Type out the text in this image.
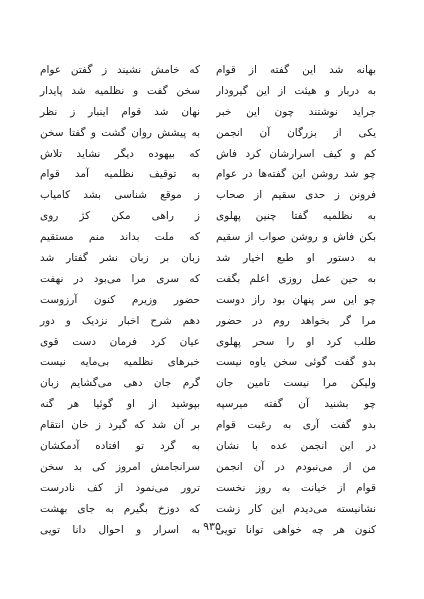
بهانه شد این گفته از قوام
که خامش نشیند ز گفتن عوام
به دربار و هیئت از این گیرودار
سخن گفت و نظلمیه شد پایدار
جراید نوشتند چون این خبر
نهان شد قوام اینبار ز نظر
یکی از بزرگان آن انجمن
به پیشش روان گشت و گفتا سخن
کم و کیف اسرارشان کرد فاش
که بیهوده دیگر نشاید تلاش
چو شد روشن این گفته‌ها در عوام
به توقیف نظلمیه آمد قوام
فرونن ز حدی سقیم از صحاب
ز موقع شناسی بشد کامیاب
به نظلمیه گفتا چنین پهلوی
ز راهی مکن کژ روی
بکن فاش و روشن صواب از سقیم
که ملت بداند منم مستقیم
به دستور او طبع اخیار شد
زبان بر زبان نشر گفتار شد
به حین عمل روزی اعلم بگفت
که سری مرا می‌بود در نهفت
چو این سر پنهان بود راز دوست
حضور وزیرم کنون آرزوست
مرا گر بخواهد روم در حضور
دهم شرح اخبار نزدیک و دور
طلب کرد او را سحر پهلوی
عیان کرد فرمان دست قوی
بدو گفت گوئی سخن یاوه نیست
خبرهای نظلمیه بی‌مایه نیست
ولیکن مرا نیست تامین جان
گرم جان دهی می‌گشایم زبان
چو بشنید آن گفته میرسپه
بپوشید از او گوئیا هر گنه
بدو گفت آری به رغبت قوام
بر آن شد که گیرد ز خان انتقام
در این انجمن عده با نشان
به گرد تو افتاده آدمکشان
من از می‌نبودم در آن انجمن
سرانجامش امروز کی بد سخن
قوام از خیانت به روز نخست
ترور می‌نمود از کف نادرست
نشانیسته می‌دیدم این کار زشت
که دوزخ بگیرم به جای بهشت
کنون هر چه خواهی توانا تویی
به اسرار و احوال دانا تویی ۹۳۵
